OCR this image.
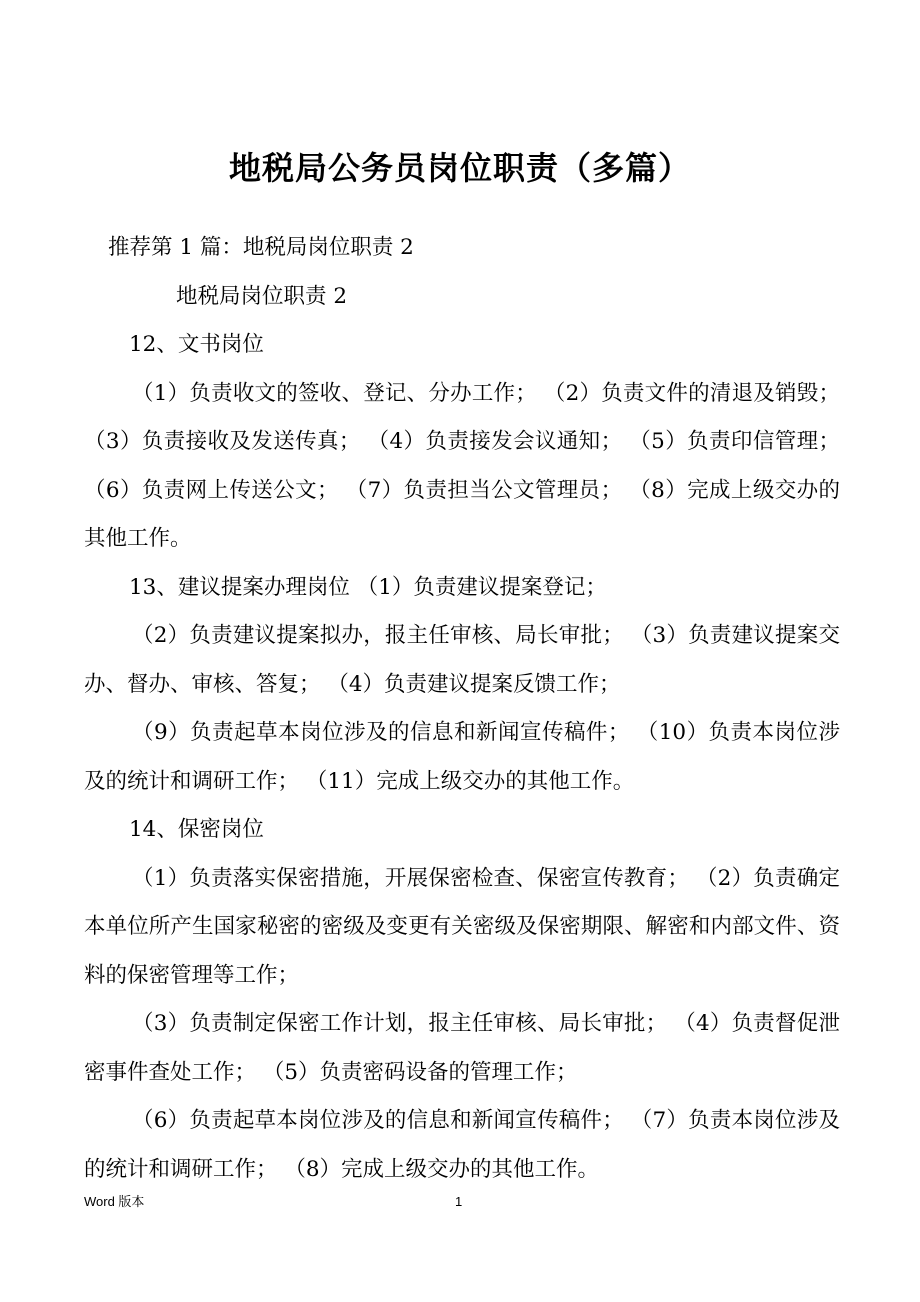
地税局公务员岗位职责（多篇）

推荐第 1 篇：地税局岗位职责 2

地税局岗位职责 2

12、文书岗位

（1）负责收文的签收、登记、分办工作； （2）负责文件的清退及销毁； （3）负责接收及发送传真； （4）负责接发会议通知； （5）负责印信管理； （6）负责网上传送公文； （7）负责担当公文管理员； （8）完成上级交办的其他工作。

13、建议提案办理岗位 （1）负责建议提案登记；

（2）负责建议提案拟办，报主任审核、局长审批； （3）负责建议提案交办、督办、审核、答复； （4）负责建议提案反馈工作；

（9）负责起草本岗位涉及的信息和新闻宣传稿件； （10）负责本岗位涉及的统计和调研工作； （11）完成上级交办的其他工作。

14、保密岗位

（1）负责落实保密措施，开展保密检查、保密宣传教育； （2）负责确定本单位所产生国家秘密的密级及变更有关密级及保密期限、解密和内部文件、资料的保密管理等工作；

（3）负责制定保密工作计划，报主任审核、局长审批； （4）负责督促泄密事件查处工作； （5）负责密码设备的管理工作；

（6）负责起草本岗位涉及的信息和新闻宣传稿件； （7）负责本岗位涉及的统计和调研工作； （8）完成上级交办的其他工作。

Word 版本	1
